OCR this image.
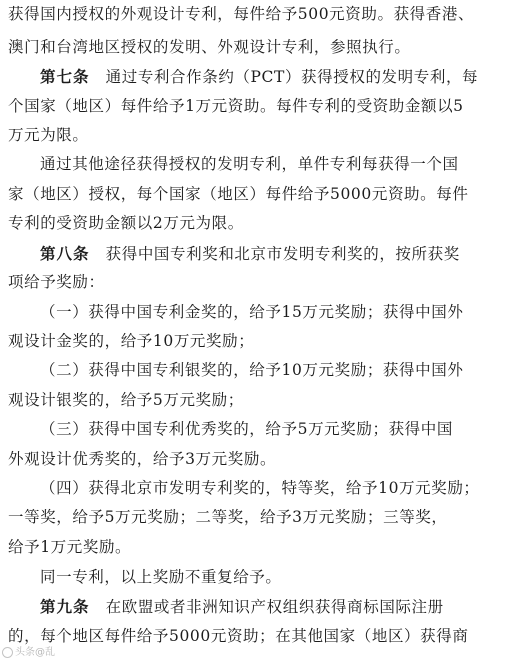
获得国内授权的外观设计专利，每件给予500元资助。获得香港、
澳门和台湾地区授权的发明、外观设计专利，参照执行。
第七条　通过专利合作条约（PCT）获得授权的发明专利，每
个国家（地区）每件给予1万元资助。每件专利的受资助金额以5
万元为限。
通过其他途径获得授权的发明专利，单件专利每获得一个国
家（地区）授权，每个国家（地区）每件给予5000元资助。每件
专利的受资助金额以2万元为限。
第八条　获得中国专利奖和北京市发明专利奖的，按所获奖
项给予奖励：
（一）获得中国专利金奖的，给予15万元奖励；获得中国外
观设计金奖的，给予10万元奖励；
（二）获得中国专利银奖的，给予10万元奖励；获得中国外
观设计银奖的，给予5万元奖励；
（三）获得中国专利优秀奖的，给予5万元奖励；获得中国
外观设计优秀奖的，给予3万元奖励。
（四）获得北京市发明专利奖的，特等奖，给予10万元奖励；
一等奖，给予5万元奖励；二等奖，给予3万元奖励；三等奖，
给予1万元奖励。
同一专利，以上奖励不重复给予。
第九条　在欧盟或者非洲知识产权组织获得商标国际注册
的，每个地区每件给予5000元资助；在其他国家（地区）获得商
头条@乱
